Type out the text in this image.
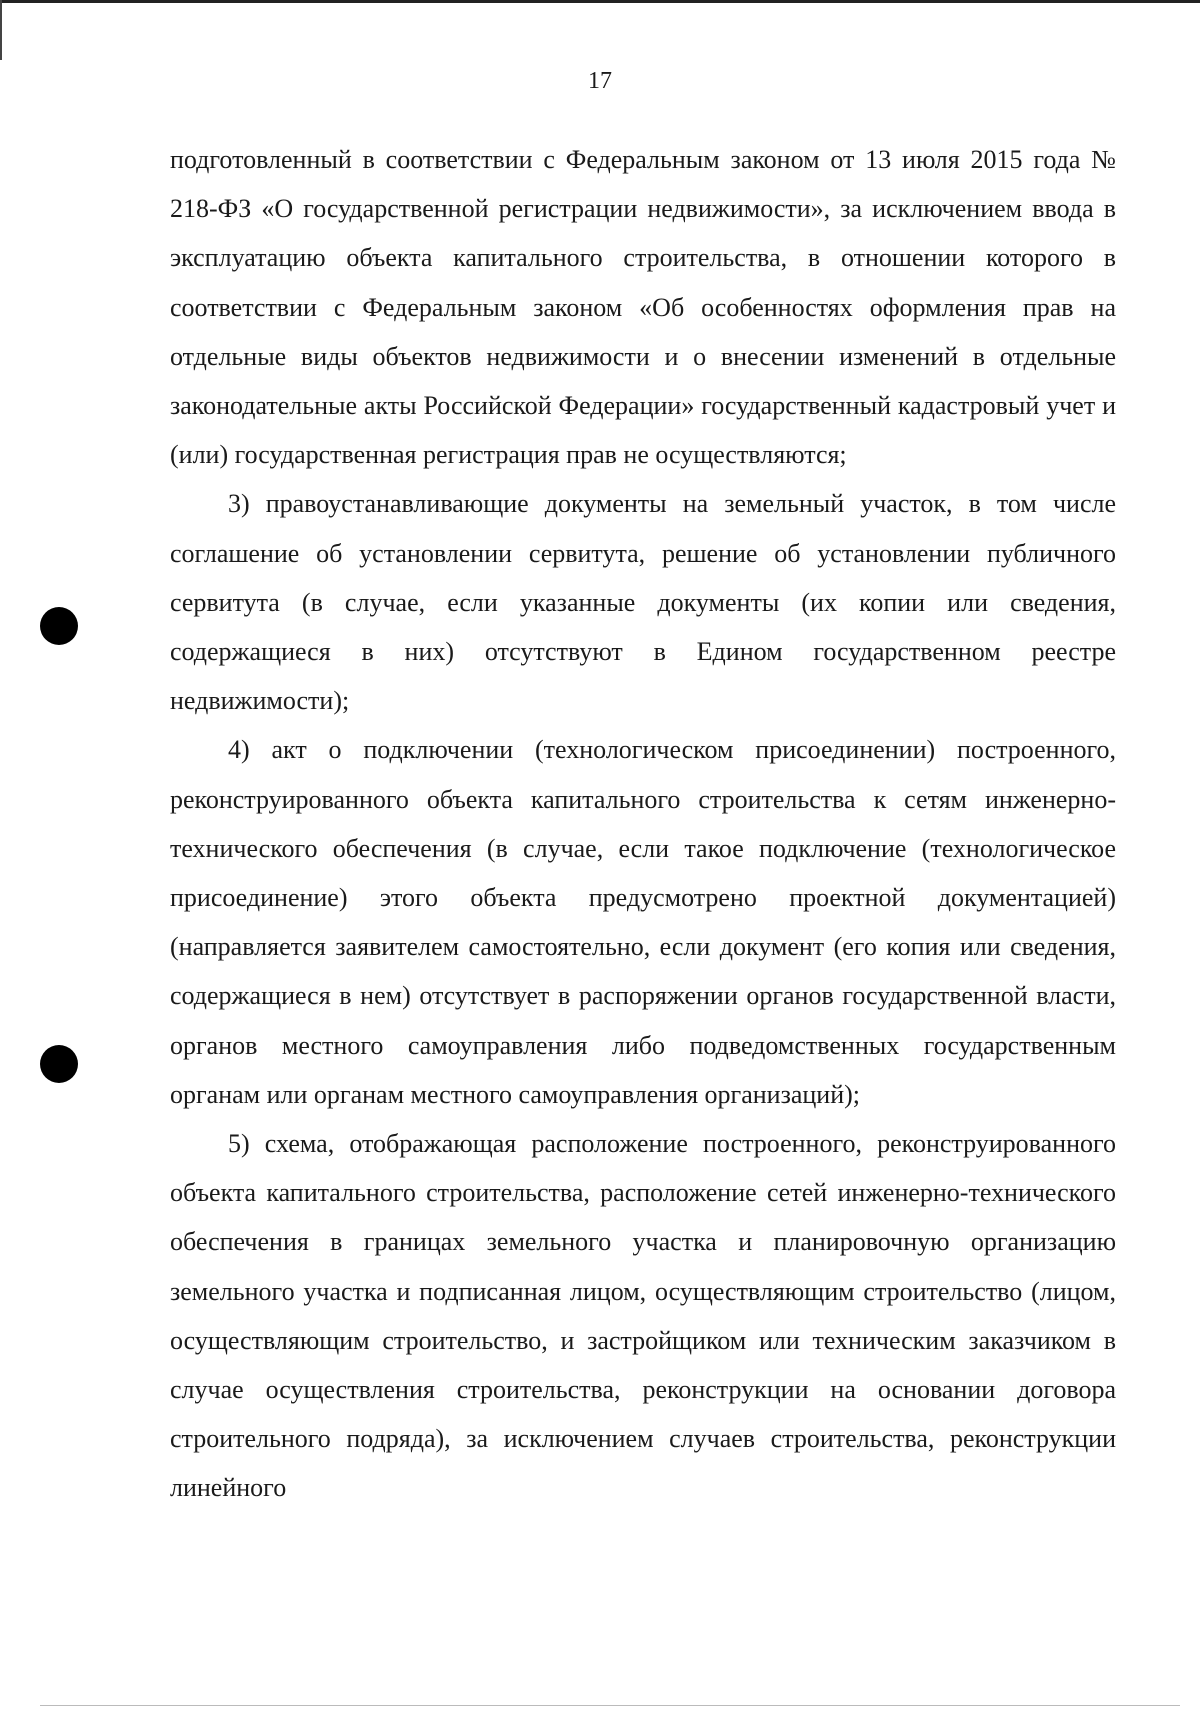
17

подготовленный в соответствии с Федеральным законом от 13 июля 2015 года № 218-ФЗ «О государственной регистрации недвижимости», за исключением ввода в эксплуатацию объекта капитального строительства, в отношении которого в соответствии с Федеральным законом «Об особенностях оформления прав на отдельные виды объектов недвижимости и о внесении изменений в отдельные законодательные акты Российской Федерации» государственный кадастровый учет и (или) государственная регистрация прав не осуществляются;

3) правоустанавливающие документы на земельный участок, в том числе соглашение об установлении сервитута, решение об установлении публичного сервитута (в случае, если указанные документы (их копии или сведения, содержащиеся в них) отсутствуют в Едином государственном реестре недвижимости);

4) акт о подключении (технологическом присоединении) построенного, реконструированного объекта капитального строительства к сетям инженерно-технического обеспечения (в случае, если такое подключение (технологическое присоединение) этого объекта предусмотрено проектной документацией) (направляется заявителем самостоятельно, если документ (его копия или сведения, содержащиеся в нем) отсутствует в распоряжении органов государственной власти, органов местного самоуправления либо подведомственных государственным органам или органам местного самоуправления организаций);

5) схема, отображающая расположение построенного, реконструированного объекта капитального строительства, расположение сетей инженерно-технического обеспечения в границах земельного участка и планировочную организацию земельного участка и подписанная лицом, осуществляющим строительство (лицом, осуществляющим строительство, и застройщиком или техническим заказчиком в случае осуществления строительства, реконструкции на основании договора строительного подряда), за исключением случаев строительства, реконструкции линейного
